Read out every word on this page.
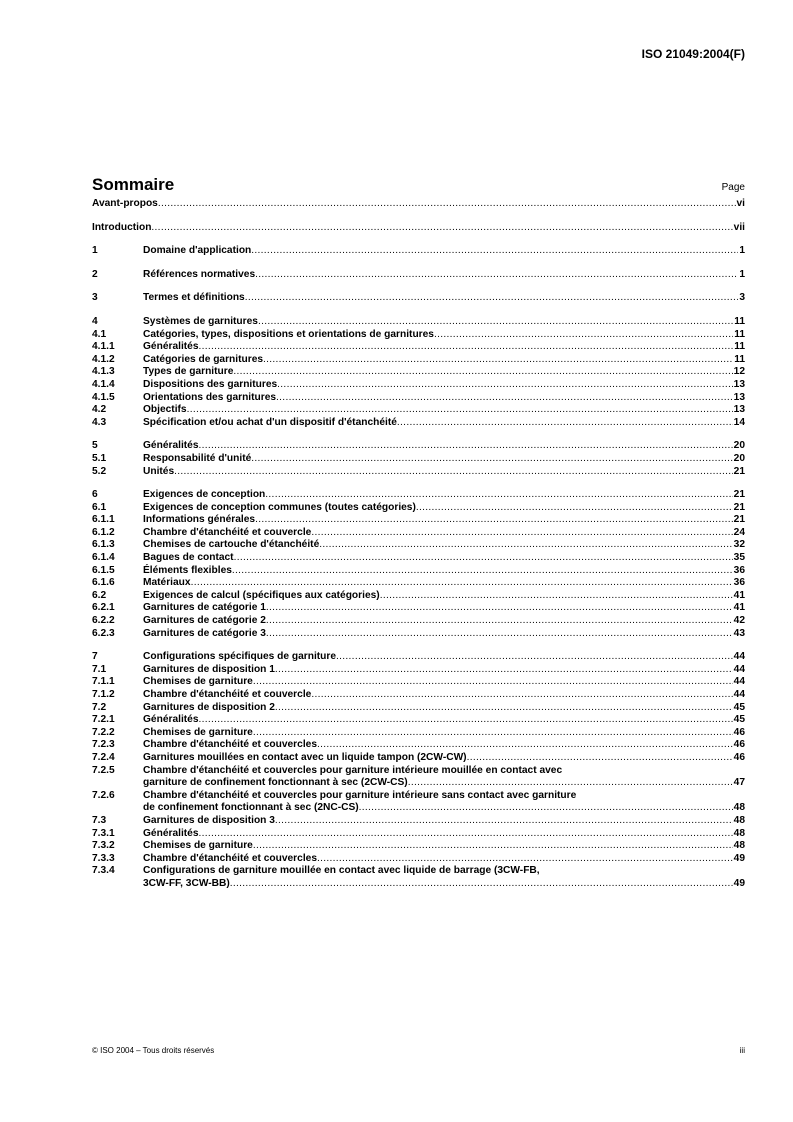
ISO 21049:2004(F)
Sommaire	Page
Avant-propos .....	vi
Introduction .....	vii
1	Domaine d'application .....	1
2	Références normatives .....	1
3	Termes et définitions .....	3
4	Systèmes de garnitures .....	11
4.1	Catégories, types, dispositions et orientations de garnitures .....	11
4.1.1	Généralités .....	11
4.1.2	Catégories de garnitures .....	11
4.1.3	Types de garniture .....	12
4.1.4	Dispositions des garnitures .....	13
4.1.5	Orientations des garnitures .....	13
4.2	Objectifs .....	13
4.3	Spécification et/ou achat d'un dispositif d'étanchéité .....	14
5	Généralités .....	20
5.1	Responsabilité d'unité .....	20
5.2	Unités .....	21
6	Exigences de conception .....	21
6.1	Exigences de conception communes (toutes catégories) .....	21
6.1.1	Informations générales .....	21
6.1.2	Chambre d'étanchéité et couvercle .....	24
6.1.3	Chemises de cartouche d'étanchéité .....	32
6.1.4	Bagues de contact .....	35
6.1.5	Éléments flexibles .....	36
6.1.6	Matériaux .....	36
6.2	Exigences de calcul (spécifiques aux catégories) .....	41
6.2.1	Garnitures de catégorie 1 .....	41
6.2.2	Garnitures de catégorie 2 .....	42
6.2.3	Garnitures de catégorie 3 .....	43
7	Configurations spécifiques de garniture .....	44
7.1	Garnitures de disposition 1 .....	44
7.1.1	Chemises de garniture .....	44
7.1.2	Chambre d'étanchéité et couvercle .....	44
7.2	Garnitures de disposition 2 .....	45
7.2.1	Généralités .....	45
7.2.2	Chemises de garniture .....	46
7.2.3	Chambre d'étanchéité et couvercles .....	46
7.2.4	Garnitures mouillées en contact avec un liquide tampon (2CW-CW) .....	46
7.2.5	Chambre d'étanchéité et couvercles pour garniture intérieure mouillée en contact avec
garniture de confinement fonctionnant à sec (2CW-CS) .....	47
7.2.6	Chambre d'étanchéité et couvercles pour garniture intérieure sans contact avec garniture
de confinement fonctionnant à sec (2NC-CS) .....	48
7.3	Garnitures de disposition 3 .....	48
7.3.1	Généralités .....	48
7.3.2	Chemises de garniture .....	48
7.3.3	Chambre d'étanchéité et couvercles .....	49
7.3.4	Configurations de garniture mouillée en contact avec liquide de barrage (3CW-FB,
3CW-FF, 3CW-BB) .....	49
© ISO 2004 – Tous droits réservés	iii
